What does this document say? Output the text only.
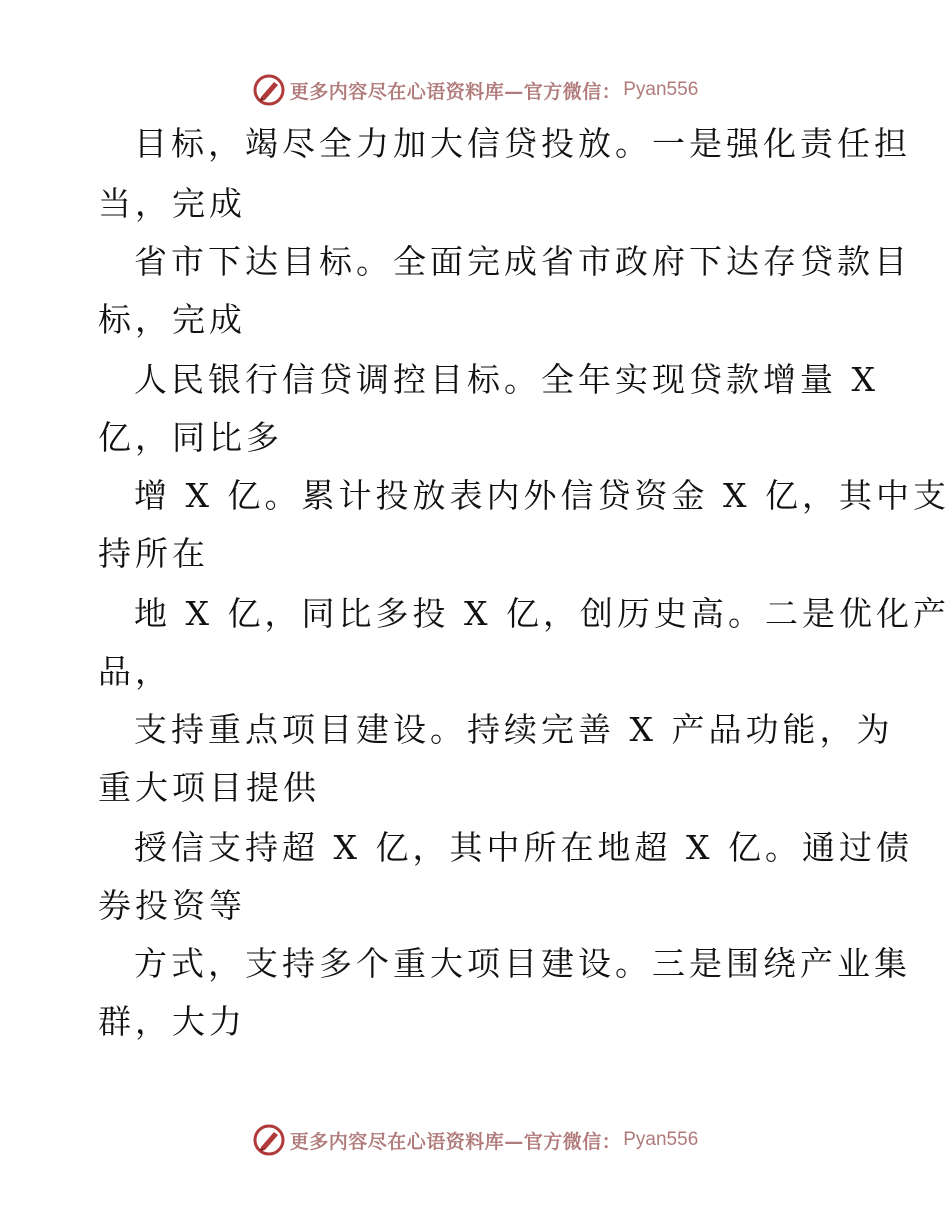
更多内容尽在心语资料库—官方微信： Pyan556
目标，竭尽全力加大信贷投放。一是强化责任担
当，完成
省市下达目标。全面完成省市政府下达存贷款目
标，完成
人民银行信贷调控目标。全年实现贷款增量 X
亿，同比多
增 X 亿。累计投放表内外信贷资金 X 亿，其中支
持所在
地 X 亿，同比多投 X 亿，创历史高。二是优化产
品，
支持重点项目建设。持续完善 X 产品功能，为
重大项目提供
授信支持超 X 亿，其中所在地超 X 亿。通过债
券投资等
方式，支持多个重大项目建设。三是围绕产业集
群，大力
更多内容尽在心语资料库—官方微信： Pyan556
